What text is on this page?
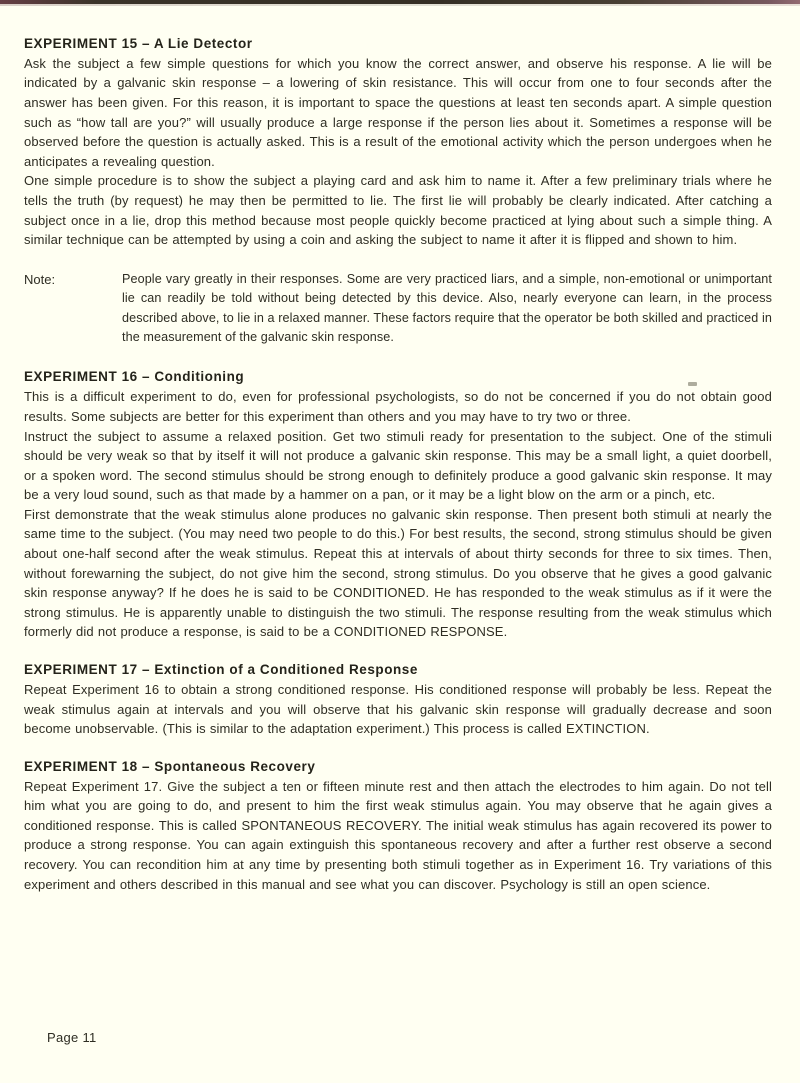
EXPERIMENT 15 – A Lie Detector

Ask the subject a few simple questions for which you know the correct answer, and observe his response. A lie will be indicated by a galvanic skin response – a lowering of skin resistance. This will occur from one to four seconds after the answer has been given. For this reason, it is important to space the questions at least ten seconds apart. A simple question such as “how tall are you?” will usually produce a large response if the person lies about it. Sometimes a response will be observed before the question is actually asked. This is a result of the emotional activity which the person undergoes when he anticipates a revealing question.

One simple procedure is to show the subject a playing card and ask him to name it. After a few preliminary trials where he tells the truth (by request) he may then be permitted to lie. The first lie will probably be clearly indicated. After catching a subject once in a lie, drop this method because most people quickly become practiced at lying about such a simple thing. A similar technique can be attempted by using a coin and asking the subject to name it after it is flipped and shown to him.

Note:	People vary greatly in their responses. Some are very practiced liars, and a simple, non-emotional or unimportant lie can readily be told without being detected by this device. Also, nearly everyone can learn, in the process described above, to lie in a relaxed manner. These factors require that the operator be both skilled and practiced in the measurement of the galvanic skin response.

EXPERIMENT 16 – Conditioning

This is a difficult experiment to do, even for professional psychologists, so do not be concerned if you do not obtain good results. Some subjects are better for this experiment than others and you may have to try two or three.

Instruct the subject to assume a relaxed position. Get two stimuli ready for presentation to the subject. One of the stimuli should be very weak so that by itself it will not produce a galvanic skin response. This may be a small light, a quiet doorbell, or a spoken word. The second stimulus should be strong enough to definitely produce a good galvanic skin response. It may be a very loud sound, such as that made by a hammer on a pan, or it may be a light blow on the arm or a pinch, etc.

First demonstrate that the weak stimulus alone produces no galvanic skin response. Then present both stimuli at nearly the same time to the subject. (You may need two people to do this.) For best results, the second, strong stimulus should be given about one-half second after the weak stimulus. Repeat this at intervals of about thirty seconds for three to six times. Then, without forewarning the subject, do not give him the second, strong stimulus. Do you observe that he gives a good galvanic skin response anyway? If he does he is said to be CONDITIONED. He has responded to the weak stimulus as if it were the strong stimulus. He is apparently unable to distinguish the two stimuli. The response resulting from the weak stimulus which formerly did not produce a response, is said to be a CONDITIONED RESPONSE.

EXPERIMENT 17 – Extinction of a Conditioned Response

Repeat Experiment 16 to obtain a strong conditioned response. His conditioned response will probably be less. Repeat the weak stimulus again at intervals and you will observe that his galvanic skin response will gradually decrease and soon become unobservable. (This is similar to the adaptation experiment.) This process is called EXTINCTION.

EXPERIMENT 18 – Spontaneous Recovery

Repeat Experiment 17. Give the subject a ten or fifteen minute rest and then attach the electrodes to him again. Do not tell him what you are going to do, and present to him the first weak stimulus again. You may observe that he again gives a conditioned response. This is called SPONTANEOUS RECOVERY. The initial weak stimulus has again recovered its power to produce a strong response. You can again extinguish this spontaneous recovery and after a further rest observe a second recovery. You can recondition him at any time by presenting both stimuli together as in Experiment 16. Try variations of this experiment and others described in this manual and see what you can discover. Psychology is still an open science.

Page 11
